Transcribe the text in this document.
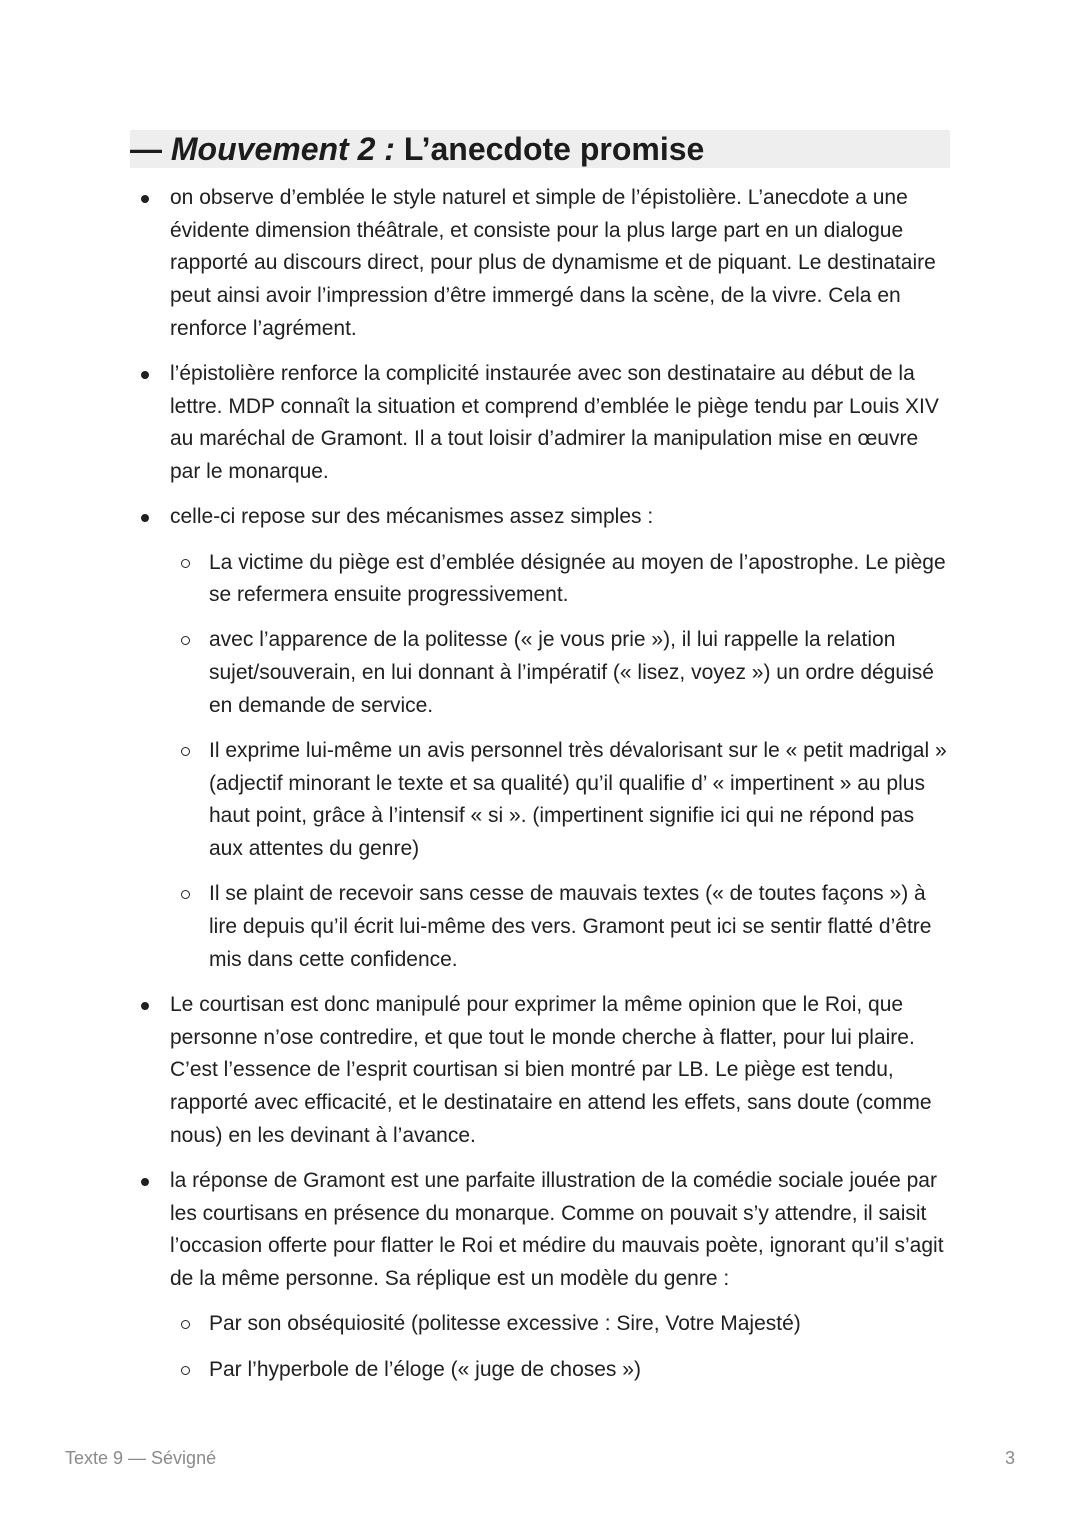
— Mouvement 2 : L’anecdote promise
on observe d’emblée le style naturel et simple de l’épistolière. L’anecdote a une évidente dimension théâtrale, et consiste pour la plus large part en un dialogue rapporté au discours direct, pour plus de dynamisme et de piquant. Le destinataire peut ainsi avoir l’impression d’être immergé dans la scène, de la vivre. Cela en renforce l’agrément.
l’épistolière renforce la complicité instaurée avec son destinataire au début de la lettre. MDP connaît la situation et comprend d’emblée le piège tendu par Louis XIV au maréchal de Gramont. Il a tout loisir d’admirer la manipulation mise en œuvre par le monarque.
celle-ci repose sur des mécanismes assez simples :
La victime du piège est d’emblée désignée au moyen de l’apostrophe. Le piège se refermera ensuite progressivement.
avec l’apparence de la politesse (« je vous prie »), il lui rappelle la relation sujet/souverain, en lui donnant à l’impératif (« lisez, voyez ») un ordre déguisé en demande de service.
Il exprime lui-même un avis personnel très dévalorisant sur le « petit madrigal » (adjectif minorant le texte et sa qualité) qu’il qualifie d’ « impertinent » au plus haut point, grâce à l’intensif « si ». (impertinent signifie ici qui ne répond pas aux attentes du genre)
Il se plaint de recevoir sans cesse de mauvais textes (« de toutes façons ») à lire depuis qu’il écrit lui-même des vers. Gramont peut ici se sentir flatté d’être mis dans cette confidence.
Le courtisan est donc manipulé pour exprimer la même opinion que le Roi, que personne n’ose contredire, et que tout le monde cherche à flatter, pour lui plaire. C’est l’essence de l’esprit courtisan si bien montré par LB. Le piège est tendu, rapporté avec efficacité, et le destinataire en attend les effets, sans doute (comme nous) en les devinant à l’avance.
la réponse de Gramont est une parfaite illustration de la comédie sociale jouée par les courtisans en présence du monarque. Comme on pouvait s’y attendre, il saisit l’occasion offerte pour flatter le Roi et médire du mauvais poète, ignorant qu’il s’agit de la même personne. Sa réplique est un modèle du genre :
Par son obséquiosité (politesse excessive : Sire, Votre Majesté)
Par l’hyperbole de l’éloge (« juge de choses »)
Texte 9 — Sévigné	3
